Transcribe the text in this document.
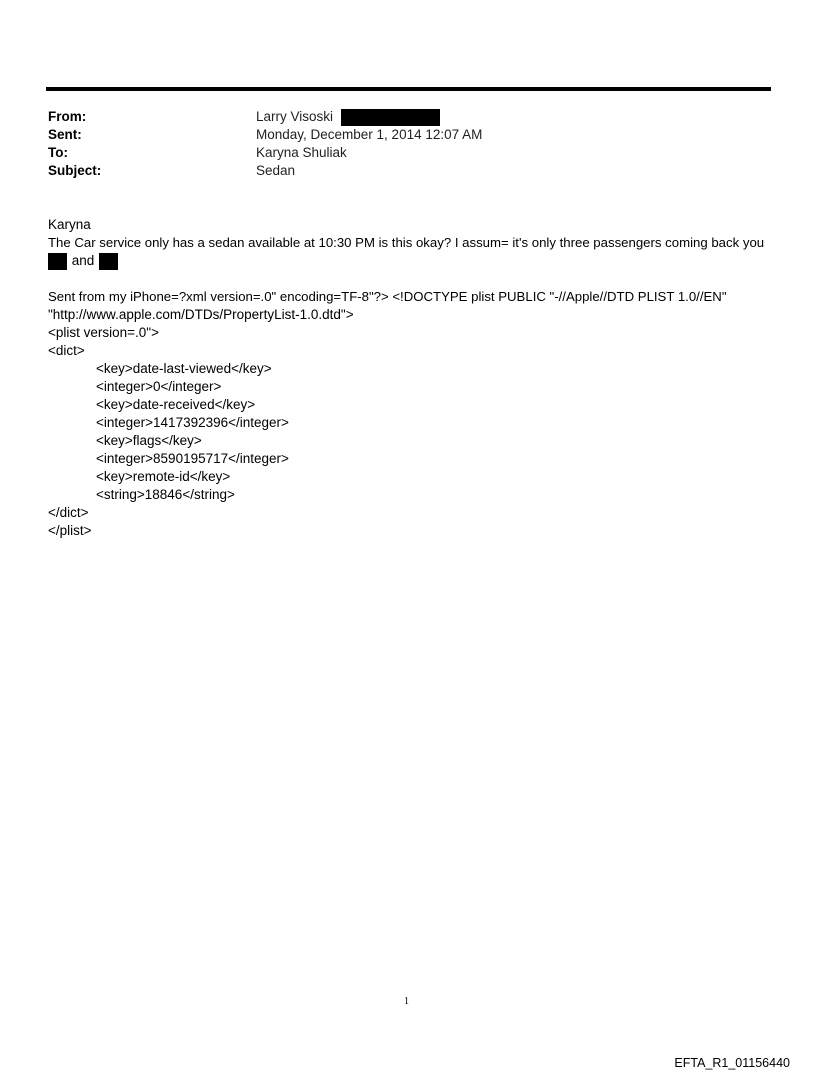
From:	Larry Visoski
Sent:	Monday, December 1, 2014 12:07 AM
To:	Karyna Shuliak
Subject:	Sedan
Karyna
The Car service only has a sedan available at 10:30 PM is this okay? I assum= it's only three passengers coming back you
and
Sent from my iPhone=?xml version=.0" encoding=TF-8"?> <!DOCTYPE plist PUBLIC "-//Apple//DTD PLIST 1.0//EN"
"http://www.apple.com/DTDs/PropertyList-1.0.dtd">
<plist version=.0">
<dict>
<key>date-last-viewed</key>
<integer>0</integer>
<key>date-received</key>
<integer>1417392396</integer>
<key>flags</key>
<integer>8590195717</integer>
<key>remote-id</key>
<string>18846</string>
</dict>
</plist>
1
EFTA_R1_01156440
